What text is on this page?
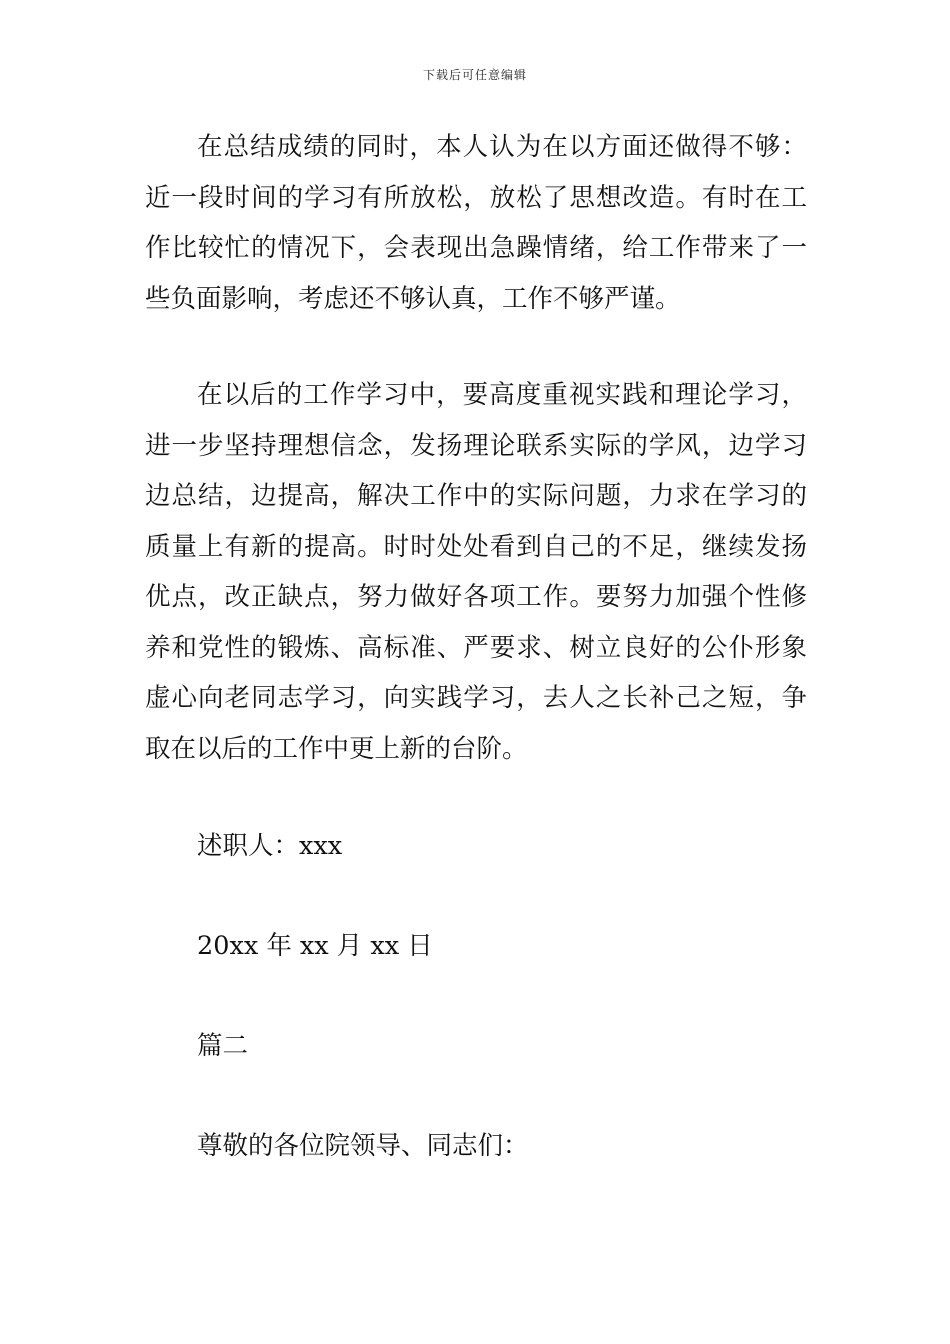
下载后可任意编辑

在总结成绩的同时，本人认为在以方面还做得不够：近一段时间的学习有所放松，放松了思想改造。有时在工作比较忙的情况下，会表现出急躁情绪，给工作带来了一些负面影响，考虑还不够认真，工作不够严谨。

在以后的工作学习中，要高度重视实践和理论学习，进一步坚持理想信念，发扬理论联系实际的学风，边学习边总结，边提高，解决工作中的实际问题，力求在学习的质量上有新的提高。时时处处看到自己的不足，继续发扬优点，改正缺点，努力做好各项工作。要努力加强个性修养和党性的锻炼、高标准、严要求、树立良好的公仆形象虚心向老同志学习，向实践学习，去人之长补己之短，争取在以后的工作中更上新的台阶。

述职人：xxx

20xx 年 xx 月 xx 日

篇二

尊敬的各位院领导、同志们：
